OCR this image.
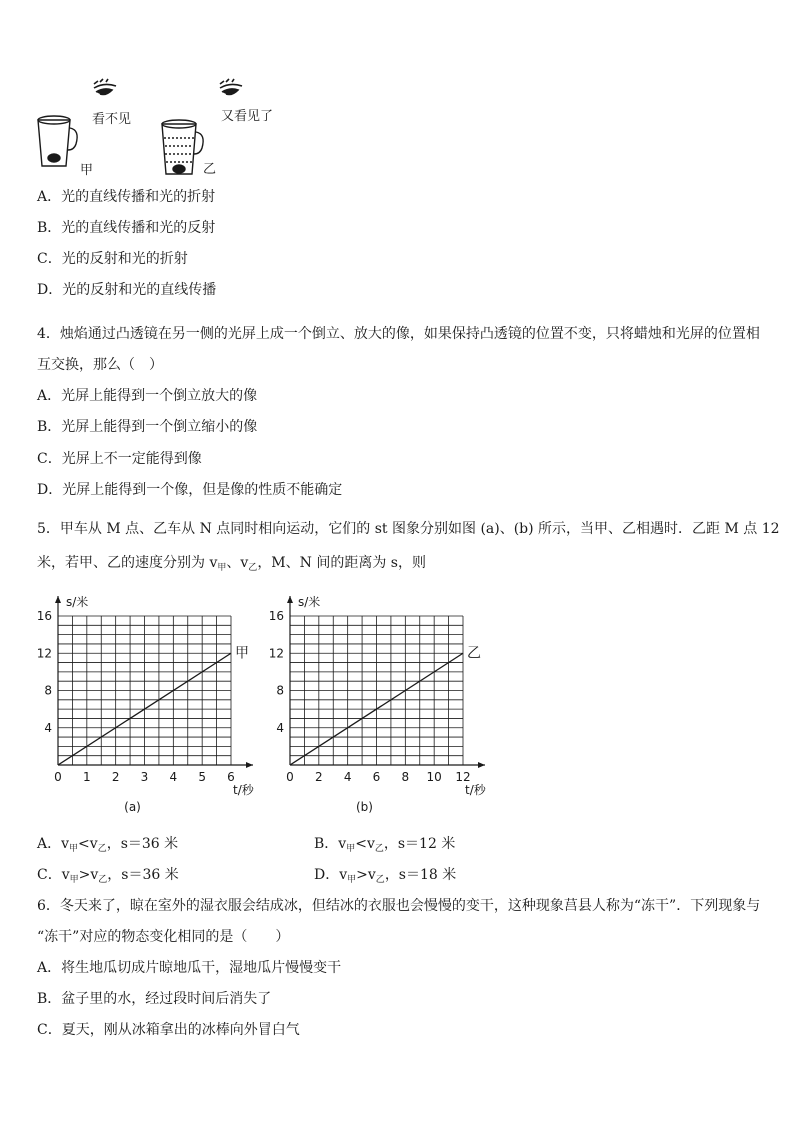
看不见
甲
又看见了
乙
A．光的直线传播和光的折射
B．光的直线传播和光的反射
C．光的反射和光的折射
D．光的反射和光的直线传播
4．烛焰通过凸透镜在另一侧的光屏上成一个倒立、放大的像，如果保持凸透镜的位置不变，只将蜡烛和光屏的位置相
互交换，那么（　）
A．光屏上能得到一个倒立放大的像
B．光屏上能得到一个倒立缩小的像
C．光屏上不一定能得到像
D．光屏上能得到一个像，但是像的性质不能确定
5．甲车从 M 点、乙车从 N 点同时相向运动，它们的 st 图象分别如图 (a)、(b) 所示，当甲、乙相遇时．乙距 M 点 12
米，若甲、乙的速度分别为 $v_甲$、$v_乙$，M、N 间的距离为 s，则
0 1 2 3 4 5 6
4
8
12
16
s/米
t/秒
甲
(a)
0 2 4 6 8 10 12
4
8
12
16
s/米
t/秒
乙
(b)
A．$v_甲<v_乙$，s＝36 米	B．$v_甲<v_乙$，s＝12 米
C．$v_甲>v_乙$，s＝36 米	D．$v_甲>v_乙$，s＝18 米
6．冬天来了，晾在室外的湿衣服会结成冰，但结冰的衣服也会慢慢的变干，这种现象莒县人称为“冻干”．下列现象与
“冻干”对应的物态变化相同的是（　　）
A．将生地瓜切成片晾地瓜干，湿地瓜片慢慢变干
B．盆子里的水，经过段时间后消失了
C．夏天，刚从冰箱拿出的冰棒向外冒白气
